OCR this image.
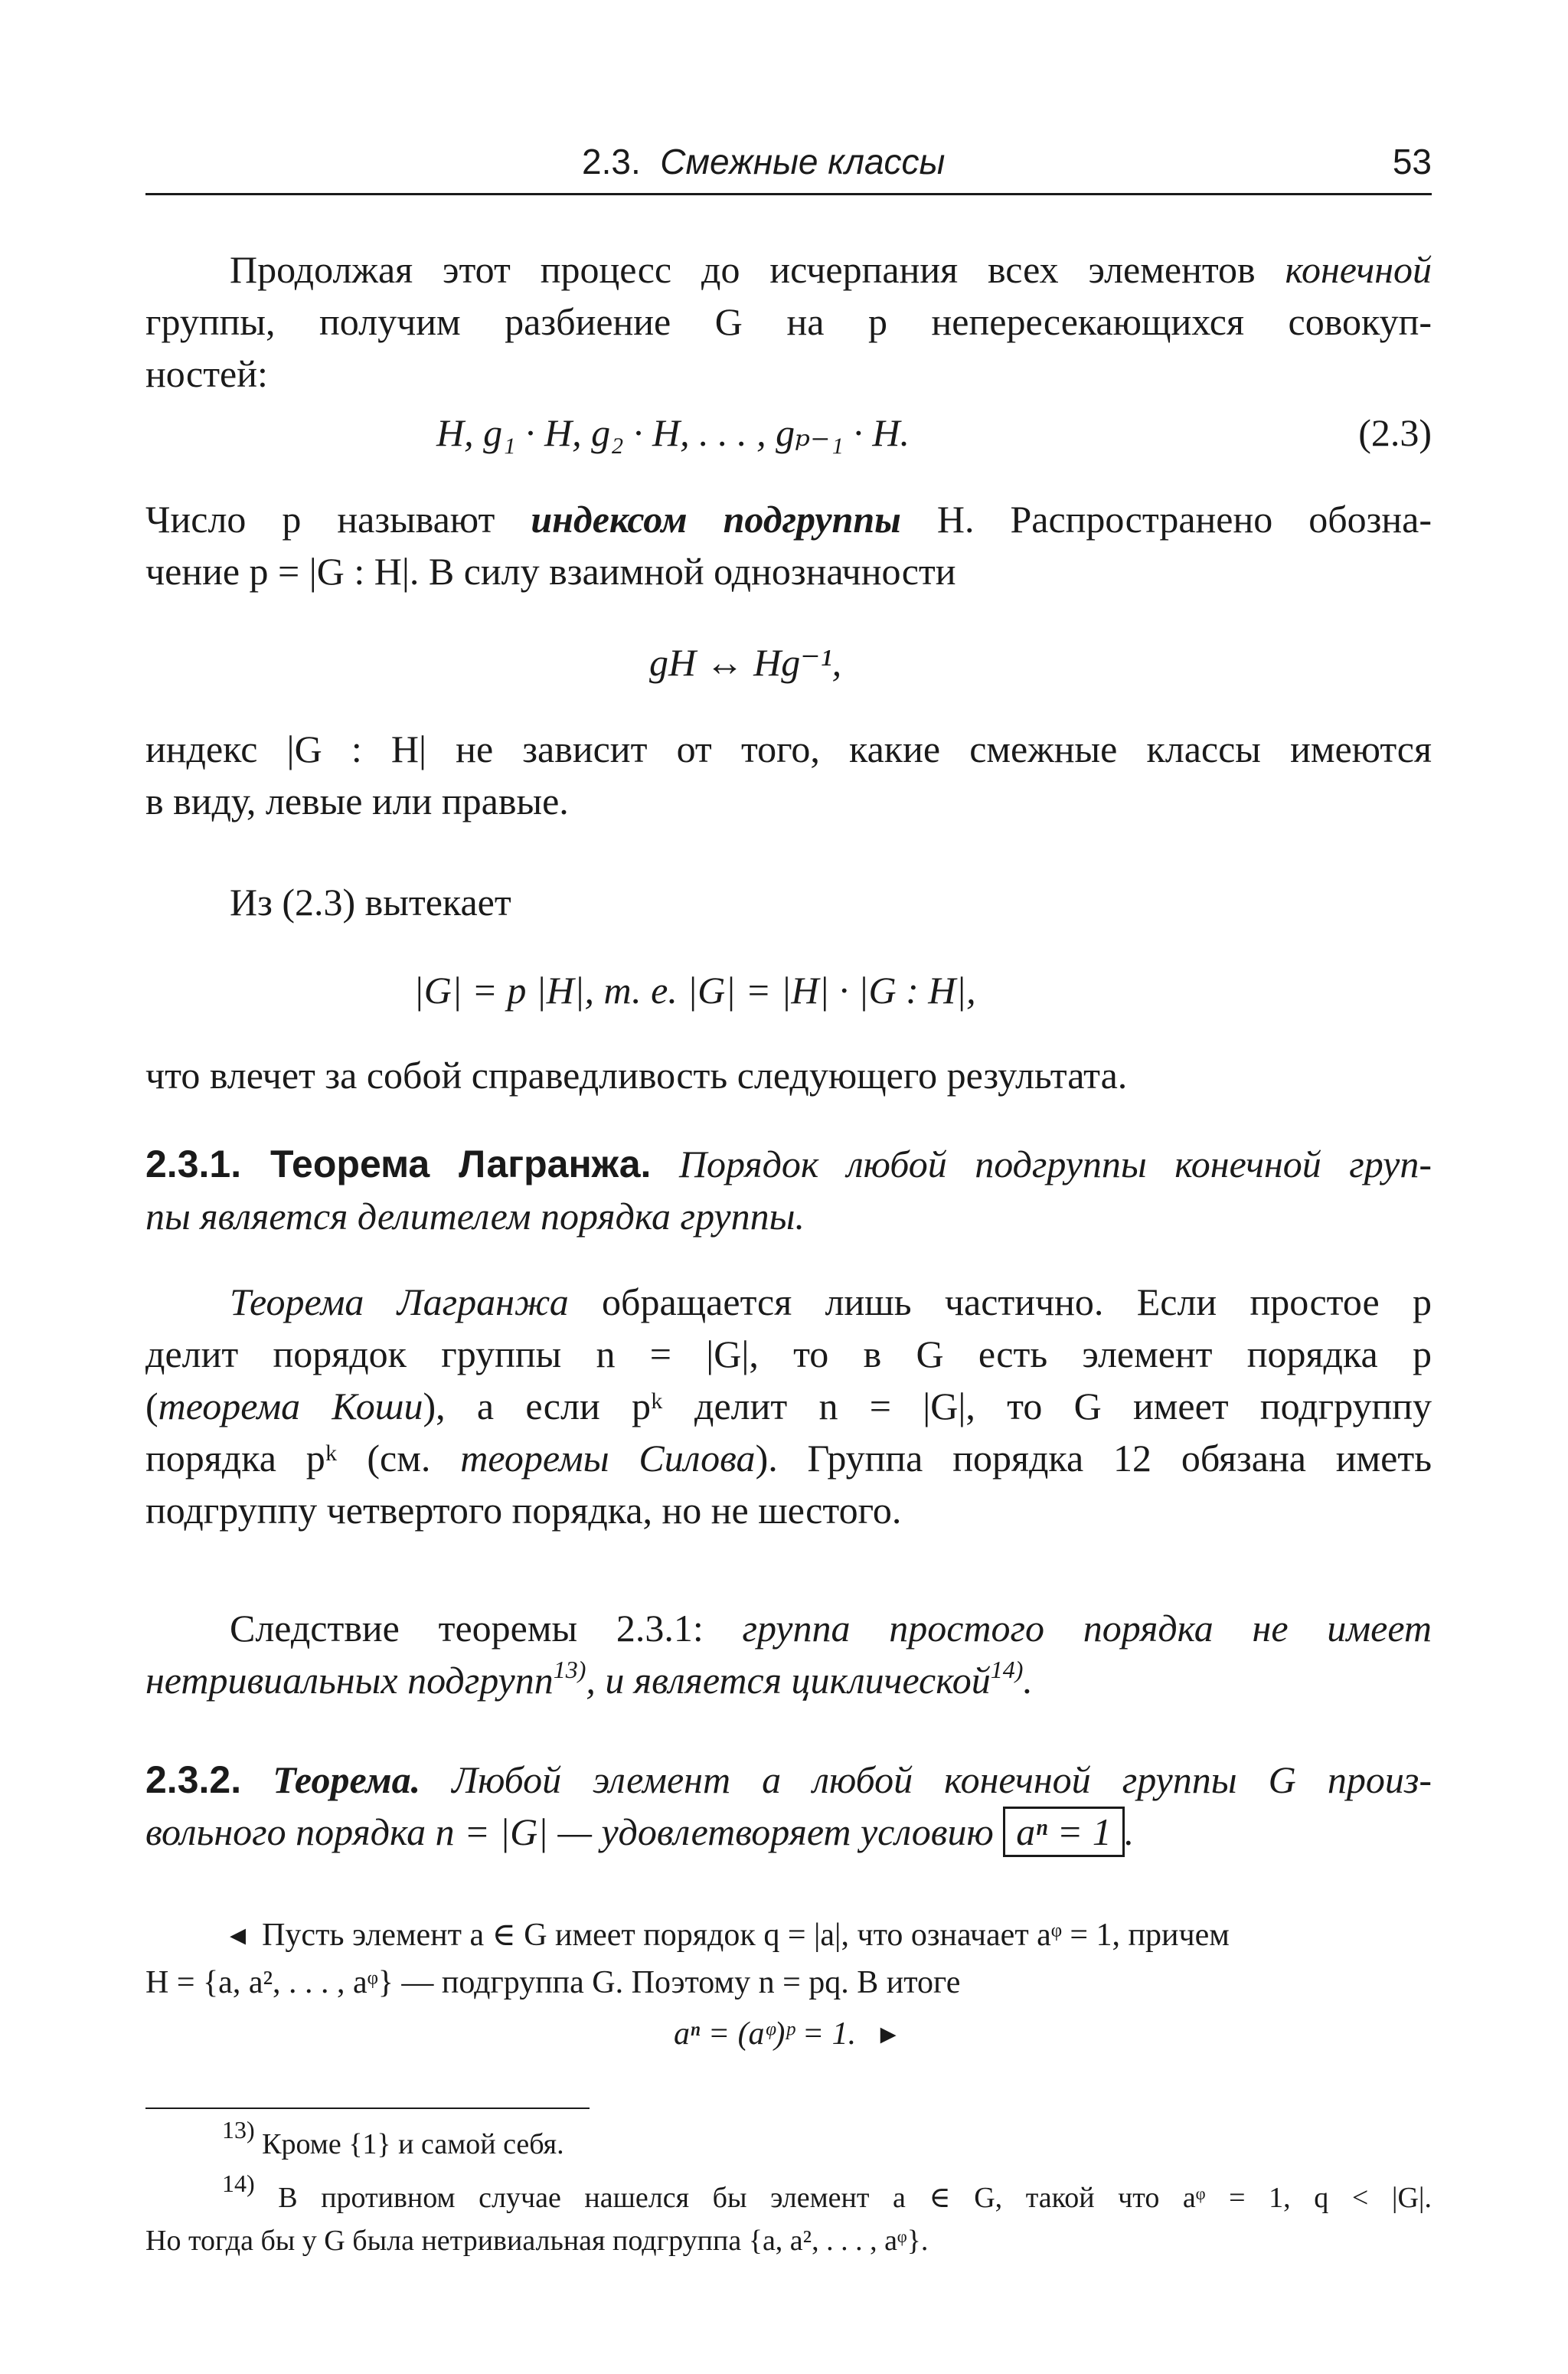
2.3. Смежные классы	53
Продолжая этот процесс до исчерпания всех элементов конечной
группы, получим разбиение G на p непересекающихся совокуп-
ностей:
H, g₁ · H, g₂ · H, . . . , gₚ₋₁ · H.	(2.3)
Число p называют индексом подгруппы H. Распространено обозна-
чение p = |G : H|. В силу взаимной однозначности
gH ↔ Hg⁻¹,
индекс |G : H| не зависит от того, какие смежные классы имеются
в виду, левые или правые.
Из (2.3) вытекает
|G| = p |H|, т. е. |G| = |H| · |G : H|,
что влечет за собой справедливость следующего результата.
2.3.1. Теорема Лагранжа. Порядок любой подгруппы конечной груп-
пы является делителем порядка группы.
Теорема Лагранжа обращается лишь частично. Если простое p
делит порядок группы n = |G|, то в G есть элемент порядка p
(теорема Коши), а если pᵏ делит n = |G|, то G имеет подгруппу
порядка pᵏ (см. теоремы Силова). Группа порядка 12 обязана иметь
подгруппу четвертого порядка, но не шестого.
Следствие теоремы 2.3.1: группа простого порядка не имеет
нетривиальных подгрупп$^{13)}$, и является циклической$^{14)}$.
2.3.2. Теорема. Любой элемент a любой конечной группы G произ-
вольного порядка n = |G| — удовлетворяет условию aⁿ = 1 .
◂ Пусть элемент a ∈ G имеет порядок q = |a|, что означает aᵠ = 1, причем
H = {a, a², . . . , aᵠ} — подгруппа G. Поэтому n = pq. В итоге
aⁿ = (aᵠ)ᵖ = 1. ▸
$^{13)}$ Кроме {1} и самой себя.
$^{14)}$ В противном случае нашелся бы элемент a ∈ G, такой что aᵠ = 1, q < |G|.
Но тогда бы у G была нетривиальная подгруппа {a, a², . . . , aᵠ}.
